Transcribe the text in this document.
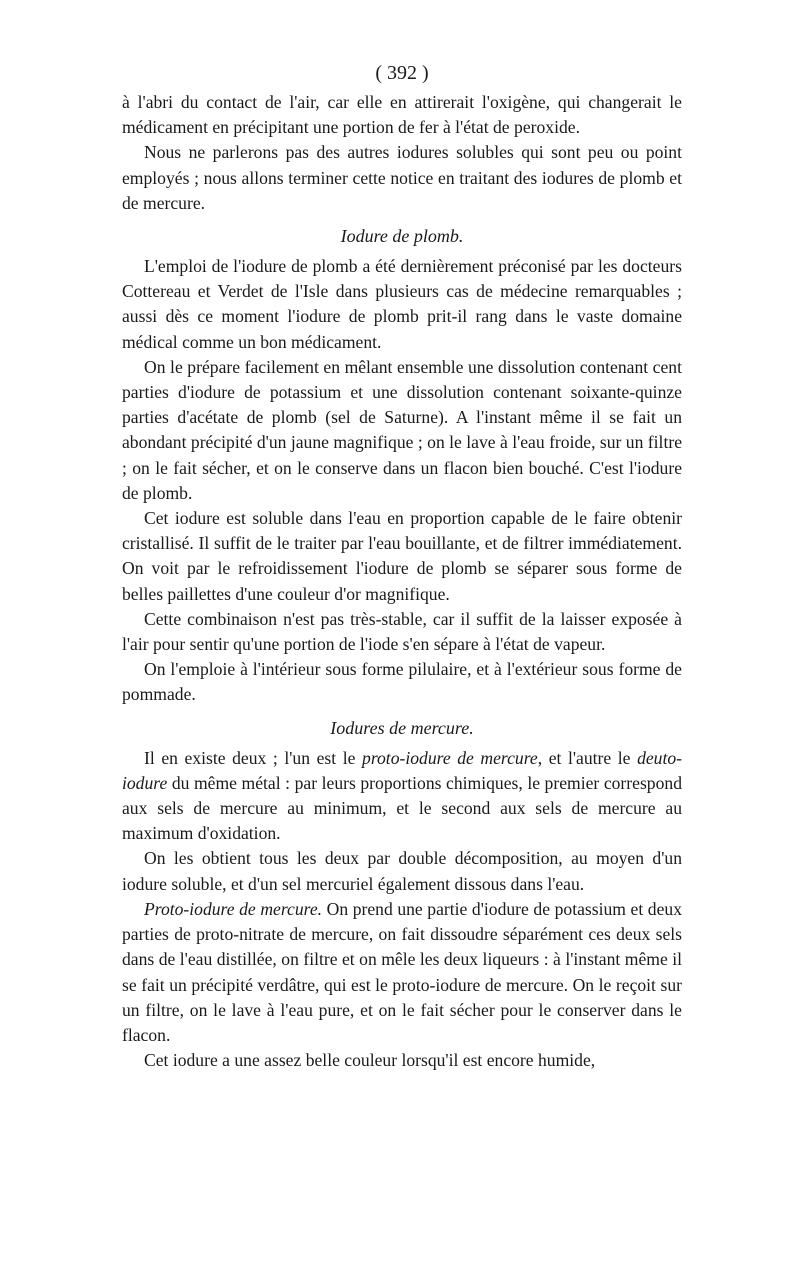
( 392 )

à l'abri du contact de l'air, car elle en attirerait l'oxigène, qui changerait le médicament en précipitant une portion de fer à l'état de peroxide.

Nous ne parlerons pas des autres iodures solubles qui sont peu ou point employés ; nous allons terminer cette notice en traitant des iodures de plomb et de mercure.

Iodure de plomb.

L'emploi de l'iodure de plomb a été dernièrement préconisé par les docteurs Cottereau et Verdet de l'Isle dans plusieurs cas de médecine remarquables ; aussi dès ce moment l'iodure de plomb prit-il rang dans le vaste domaine médical comme un bon médicament.

On le prépare facilement en mêlant ensemble une dissolution contenant cent parties d'iodure de potassium et une dissolution contenant soixante-quinze parties d'acétate de plomb (sel de Saturne). A l'instant même il se fait un abondant précipité d'un jaune magnifique ; on le lave à l'eau froide, sur un filtre ; on le fait sécher, et on le conserve dans un flacon bien bouché. C'est l'iodure de plomb.

Cet iodure est soluble dans l'eau en proportion capable de le faire obtenir cristallisé. Il suffit de le traiter par l'eau bouillante, et de filtrer immédiatement. On voit par le refroidissement l'iodure de plomb se séparer sous forme de belles paillettes d'une couleur d'or magnifique.

Cette combinaison n'est pas très-stable, car il suffit de la laisser exposée à l'air pour sentir qu'une portion de l'iode s'en sépare à l'état de vapeur.

On l'emploie à l'intérieur sous forme pilulaire, et à l'extérieur sous forme de pommade.

Iodures de mercure.

Il en existe deux ; l'un est le proto-iodure de mercure, et l'autre le deuto-iodure du même métal : par leurs proportions chimiques, le premier correspond aux sels de mercure au minimum, et le second aux sels de mercure au maximum d'oxidation.

On les obtient tous les deux par double décomposition, au moyen d'un iodure soluble, et d'un sel mercuriel également dissous dans l'eau.

Proto-iodure de mercure. On prend une partie d'iodure de potassium et deux parties de proto-nitrate de mercure, on fait dissoudre séparément ces deux sels dans de l'eau distillée, on filtre et on mêle les deux liqueurs : à l'instant même il se fait un précipité verdâtre, qui est le proto-iodure de mercure. On le reçoit sur un filtre, on le lave à l'eau pure, et on le fait sécher pour le conserver dans le flacon.

Cet iodure a une assez belle couleur lorsqu'il est encore humide,
